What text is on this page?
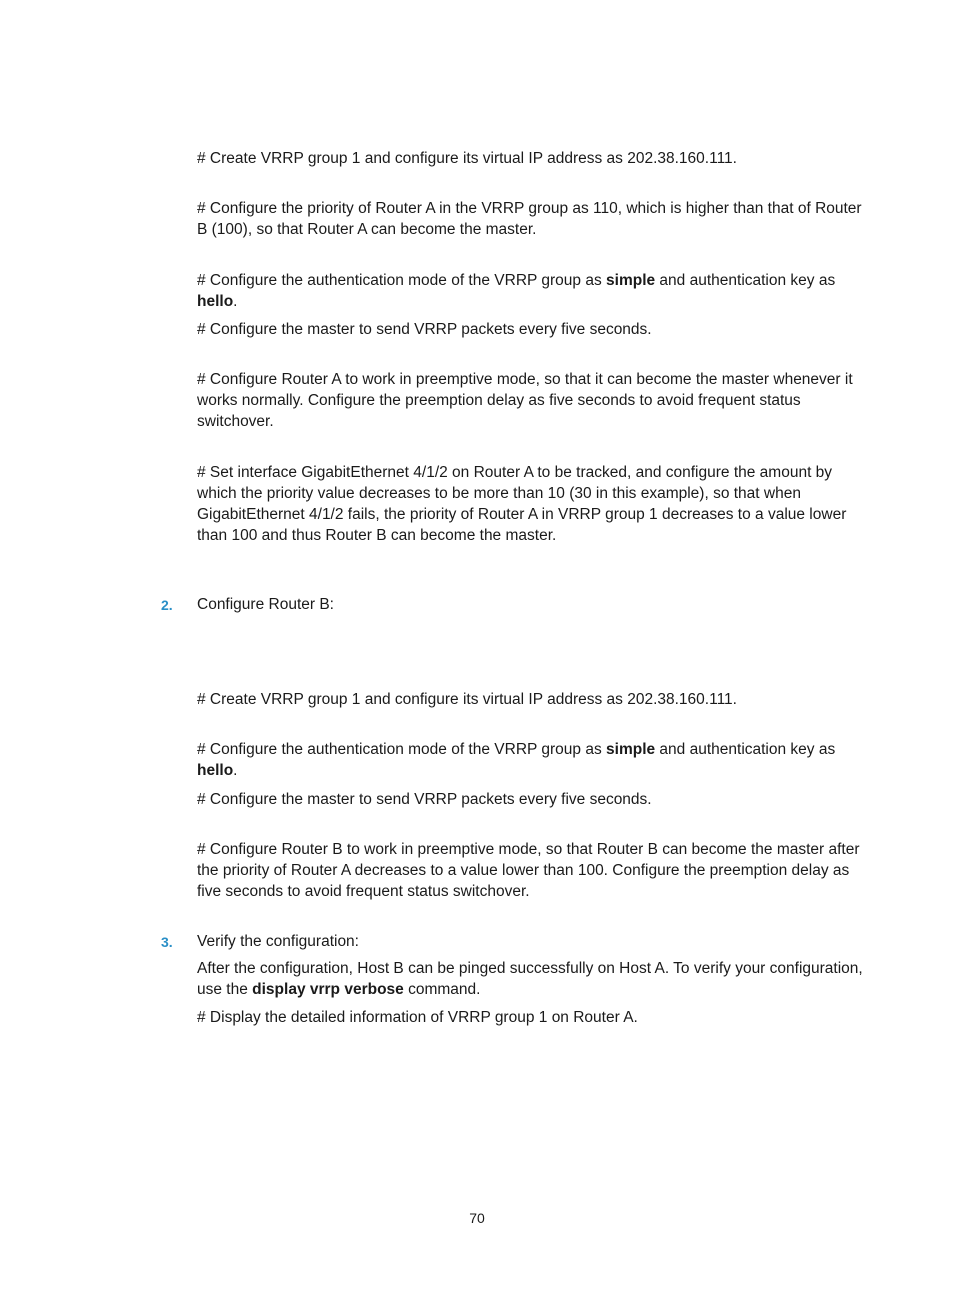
# Create VRRP group 1 and configure its virtual IP address as 202.38.160.111.

# Configure the priority of Router A in the VRRP group as 110, which is higher than that of Router B (100), so that Router A can become the master.

# Configure the authentication mode of the VRRP group as simple and authentication key as hello.

# Configure the master to send VRRP packets every five seconds.

# Configure Router A to work in preemptive mode, so that it can become the master whenever it works normally. Configure the preemption delay as five seconds to avoid frequent status switchover.

# Set interface GigabitEthernet 4/1/2 on Router A to be tracked, and configure the amount by which the priority value decreases to be more than 10 (30 in this example), so that when GigabitEthernet 4/1/2 fails, the priority of Router A in VRRP group 1 decreases to a value lower than 100 and thus Router B can become the master.

2. Configure Router B:

# Create VRRP group 1 and configure its virtual IP address as 202.38.160.111.

# Configure the authentication mode of the VRRP group as simple and authentication key as hello.

# Configure the master to send VRRP packets every five seconds.

# Configure Router B to work in preemptive mode, so that Router B can become the master after the priority of Router A decreases to a value lower than 100. Configure the preemption delay as five seconds to avoid frequent status switchover.

3. Verify the configuration:

After the configuration, Host B can be pinged successfully on Host A. To verify your configuration, use the display vrrp verbose command.

# Display the detailed information of VRRP group 1 on Router A.

70
